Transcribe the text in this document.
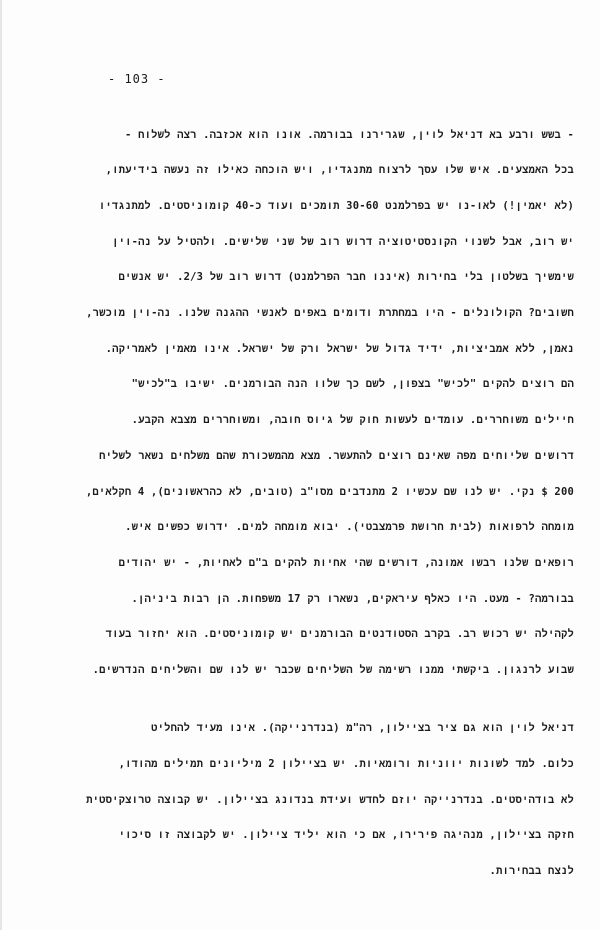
- 103 -
- בשש ורבע בא דניאל לוין, שגרירנו בבורמה. אונו הוא אכזבה. רצה לשלוח -
בכל האמצעים. איש שלו עסך לרצוח מתנגדיו, ויש הוכחה כאילו זה נעשה בידיעתו,
(לא יאמין!) לאו-נו יש בפרלמנט 30-60 תומכים ועוד כ-40 קומוניסטים. למתנגדיו
יש רוב, אבל לשנוי הקונסטיטוציה דרוש רוב של שני שלישים. ולהטיל על נה-וין
שימשיך בשלטון בלי בחירות (איננו חבר הפרלמנט) דרוש רוב של 2/3. יש אנשים
חשובים? הקולונלים - היו במחתרת ודומים באפים לאנשי ההגנה שלנו. נה-וין מוכשר,
נאמן, ללא אמביציות, ידיד גדול של ישראל ורק של ישראל. אינו מאמין לאמריקה.
הם רוצים להקים "לכיש" בצפון, לשם כך שלוו הנה הבורמנים. ישיבו ב"לכיש"
חיילים משוחררים. עומדים לעשות חוק של גיוס חובה, ומשוחררים מצבא הקבע.
דרושים שליוחים מפה שאינם רוצים להתעשר. מצא מהמשכורת שהם משלחים נשאר לשליח
200 $ נקי. יש לנו שם עכשיו 2 מתנדבים מסו"ב (טובים, לא כהראשונים), 4 חקלאים,
מומחה לרפואות (לבית חרושת פרמצבטי). יבוא מומחה למים. ידרוש כפשים איש.
רופאים שלנו רבשו אמונה, דורשים שהי אחיות להקים ב"ם לאחיות, - יש יהודים
בבורמה? - מעט. היו כאלף עיראקים, נשארו רק 17 משפחות. הן רבות ביניהן.
לקהילה יש רכוש רב. בקרב הסטודנטים הבורמנים יש קומוניסטים. הוא יחזור בעוד
שבוע לרנגון. ביקשתי ממנו רשימה של השליחים שכבר יש לנו שם והשליחים הנדרשים.
דניאל לוין הוא גם ציר בציילון, רה"מ (בנדרנייקה). אינו מעיד להחליט
כלום. למד לשונות יווניות ורומאיות. יש בציילון 2 מיליונים תמילים מהודו,
לא בודהיסטים. בנדרנייקה יוזם לחדש ועידת בנדונג בציילון. יש קבוצה טרוצקיסטית
חזקה בציילון, מנהיגה פירירו, אם כי הוא יליד ציילון. יש לקבוצה זו סיכוי
לנצח בבחירות.
